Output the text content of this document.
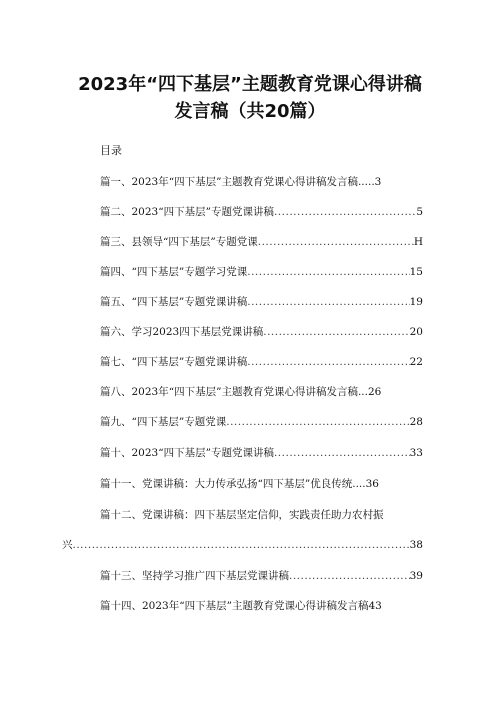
2023年“四下基层”主题教育党课心得讲稿
发言稿（共20篇）
目录
篇一、2023年“四下基层”主题教育党课心得讲稿发言稿 ..... 3
篇二、2023“四下基层”专题党课讲稿 .....	5
篇三、县领导“四下基层”专题党课 .....	H
篇四、“四下基层”专题学习党课 .....	15
篇五、“四下基层”专题党课讲稿 .....	19
篇六、学习2023四下基层党课讲稿 .....	20
篇七、“四下基层”专题党课讲稿 .....	22
篇八、2023年“四下基层”主题教育党课心得讲稿发言稿 ... 26
篇九、“四下基层”专题党课 .....	28
篇十、2023“四下基层”专题党课讲稿 .....	33
篇十一、党课讲稿：大力传承弘扬“四下基层”优良传统 .... 36
篇十二、党课讲稿：四下基层坚定信仰，实践责任助力农村振
兴 .....	38
篇十三、坚持学习推广四下基层党课讲稿 .....	39
篇十四、2023年“四下基层”主题教育党课心得讲稿发言稿 43
